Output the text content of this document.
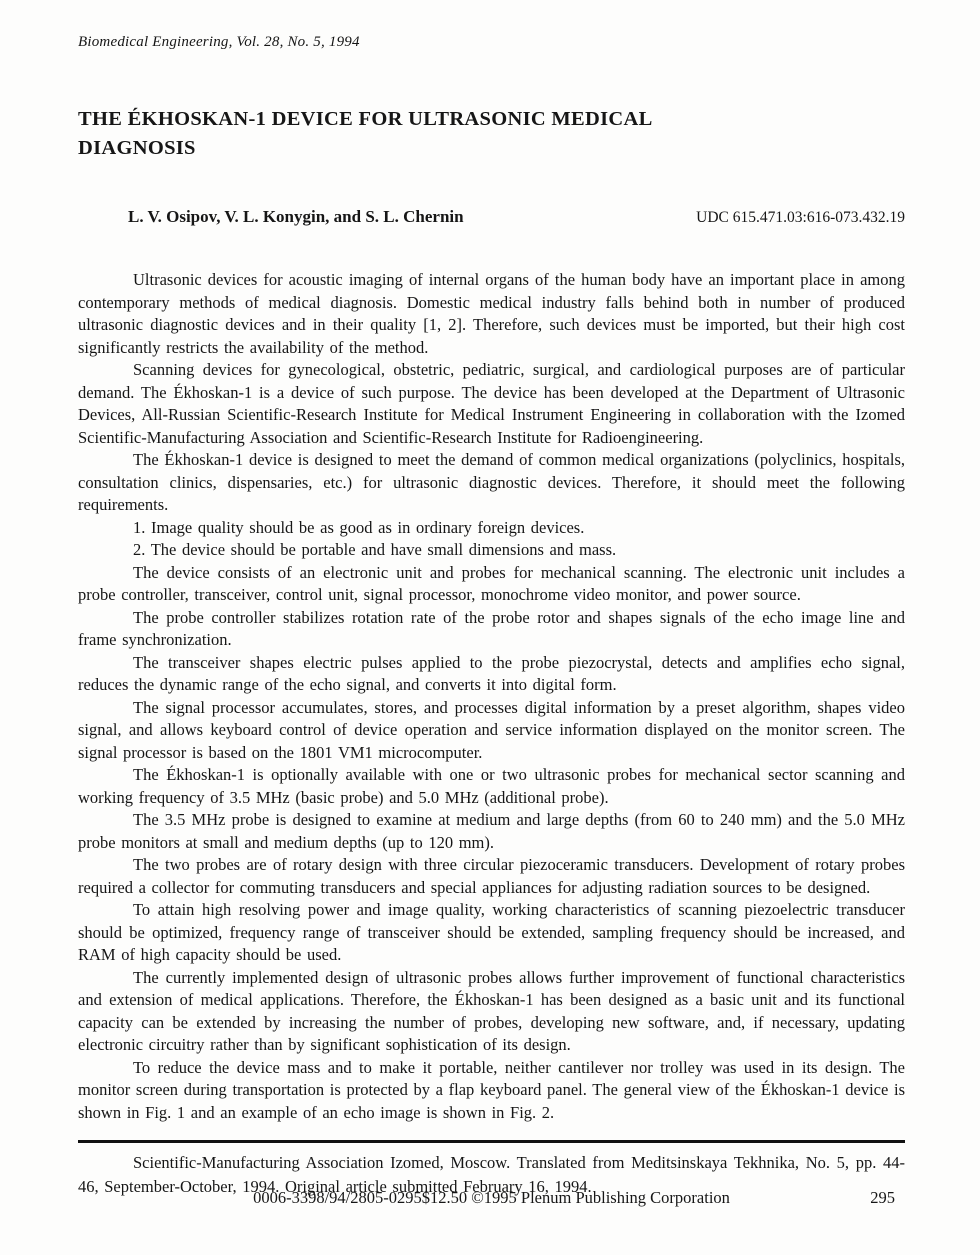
Biomedical Engineering, Vol. 28, No. 5, 1994
THE ÉKHOSKAN-1 DEVICE FOR ULTRASONIC MEDICAL
DIAGNOSIS
L. V. Osipov, V. L. Konygin, and S. L. Chernin	UDC 615.471.03:616-073.432.19

Ultrasonic devices for acoustic imaging of internal organs of the human body have an important place in among contemporary methods of medical diagnosis. Domestic medical industry falls behind both in number of produced ultrasonic diagnostic devices and in their quality [1, 2]. Therefore, such devices must be imported, but their high cost significantly restricts the availability of the method.

Scanning devices for gynecological, obstetric, pediatric, surgical, and cardiological purposes are of particular demand. The Ékhoskan-1 is a device of such purpose. The device has been developed at the Department of Ultrasonic Devices, All-Russian Scientific-Research Institute for Medical Instrument Engineering in collaboration with the Izomed Scientific-Manufacturing Association and Scientific-Research Institute for Radioengineering.

The Ékhoskan-1 device is designed to meet the demand of common medical organizations (polyclinics, hospitals, consultation clinics, dispensaries, etc.) for ultrasonic diagnostic devices. Therefore, it should meet the following requirements.

1. Image quality should be as good as in ordinary foreign devices.

2. The device should be portable and have small dimensions and mass.

The device consists of an electronic unit and probes for mechanical scanning. The electronic unit includes a probe controller, transceiver, control unit, signal processor, monochrome video monitor, and power source.

The probe controller stabilizes rotation rate of the probe rotor and shapes signals of the echo image line and frame synchronization.

The transceiver shapes electric pulses applied to the probe piezocrystal, detects and amplifies echo signal, reduces the dynamic range of the echo signal, and converts it into digital form.

The signal processor accumulates, stores, and processes digital information by a preset algorithm, shapes video signal, and allows keyboard control of device operation and service information displayed on the monitor screen. The signal processor is based on the 1801 VM1 microcomputer.

The Ékhoskan-1 is optionally available with one or two ultrasonic probes for mechanical sector scanning and working frequency of 3.5 MHz (basic probe) and 5.0 MHz (additional probe).

The 3.5 MHz probe is designed to examine at medium and large depths (from 60 to 240 mm) and the 5.0 MHz probe monitors at small and medium depths (up to 120 mm).

The two probes are of rotary design with three circular piezoceramic transducers. Development of rotary probes required a collector for commuting transducers and special appliances for adjusting radiation sources to be designed.

To attain high resolving power and image quality, working characteristics of scanning piezoelectric transducer should be optimized, frequency range of transceiver should be extended, sampling frequency should be increased, and RAM of high capacity should be used.

The currently implemented design of ultrasonic probes allows further improvement of functional characteristics and extension of medical applications. Therefore, the Ékhoskan-1 has been designed as a basic unit and its functional capacity can be extended by increasing the number of probes, developing new software, and, if necessary, updating electronic circuitry rather than by significant sophistication of its design.

To reduce the device mass and to make it portable, neither cantilever nor trolley was used in its design. The monitor screen during transportation is protected by a flap keyboard panel. The general view of the Ékhoskan-1 device is shown in Fig. 1 and an example of an echo image is shown in Fig. 2.

Scientific-Manufacturing Association Izomed, Moscow. Translated from Meditsinskaya Tekhnika, No. 5, pp. 44-46, September-October, 1994. Original article submitted February 16, 1994.

0006-3398/94/2805-0295$12.50 ©1995 Plenum Publishing Corporation	295
